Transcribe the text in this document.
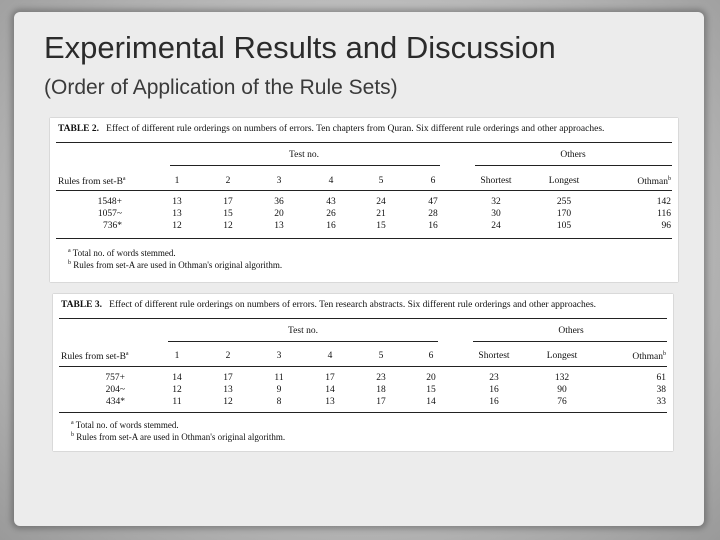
Experimental Results and Discussion
(Order of Application of the Rule Sets)
TABLE 2. Effect of different rule orderings on numbers of errors. Ten chapters from Quran. Six different rule orderings and other approaches.
Test no.	Others
Rules from set-$B^a$	1	2	3	4	5	6	Shortest	Longest	Othman$^b$
1548+	13	17	36	43	24	47	32	255	142
1057~	13	15	20	26	21	28	30	170	116
736*	12	12	13	16	15	16	24	105	96
$^a$ Total no. of words stemmed.
$^b$ Rules from set-A are used in Othman's original algorithm.
TABLE 3. Effect of different rule orderings on numbers of errors. Ten research abstracts. Six different rule orderings and other approaches.
Test no.	Others
Rules from set-$B^a$	1	2	3	4	5	6	Shortest	Longest	Othman$^b$
757+	14	17	11	17	23	20	23	132	61
204~	12	13	9	14	18	15	16	90	38
434*	11	12	8	13	17	14	16	76	33
$^a$ Total no. of words stemmed.
$^b$ Rules from set-A are used in Othman's original algorithm.
